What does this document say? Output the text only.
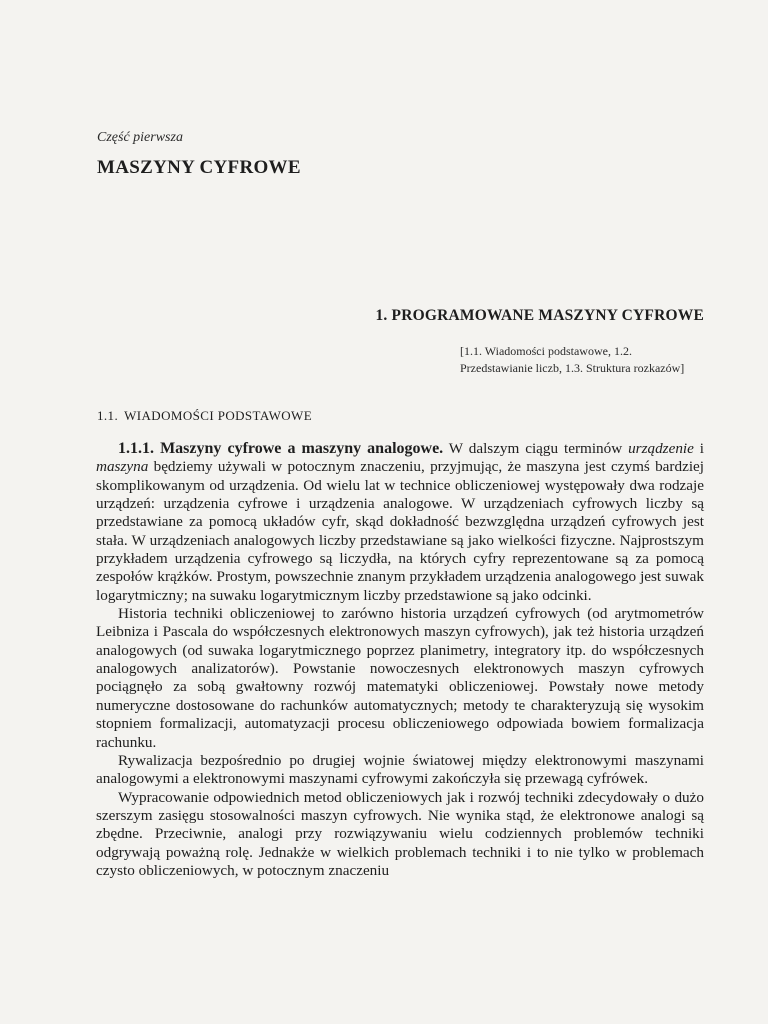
Część pierwsza
MASZYNY CYFROWE
1. PROGRAMOWANE MASZYNY CYFROWE
[1.1. Wiadomości podstawowe, 1.2. Przedstawianie liczb, 1.3. Struktura rozkazów]
1.1. WIADOMOŚCI PODSTAWOWE

1.1.1. Maszyny cyfrowe a maszyny analogowe. W dalszym ciągu terminów urządzenie i maszyna będziemy używali w potocznym znaczeniu, przyjmując, że maszyna jest czymś bardziej skomplikowanym od urządzenia. Od wielu lat w technice obliczeniowej występowały dwa rodzaje urządzeń: urządzenia cyfrowe i urządzenia analogowe. W urządzeniach cyfrowych liczby są przedstawiane za pomocą układów cyfr, skąd dokładność bezwzględna urządzeń cyfrowych jest stała. W urządzeniach analogowych liczby przedstawiane są jako wielkości fizyczne. Najprostszym przykładem urządzenia cyfrowego są liczydła, na których cyfry reprezentowane są za pomocą zespołów krążków. Prostym, powszechnie znanym przykładem urządzenia analogowego jest suwak logarytmiczny; na suwaku logarytmicznym liczby przedstawione są jako odcinki.

Historia techniki obliczeniowej to zarówno historia urządzeń cyfrowych (od arytmometrów Leibniza i Pascala do współczesnych elektronowych maszyn cyfrowych), jak też historia urządzeń analogowych (od suwaka logarytmicznego poprzez planimetry, integratory itp. do współczesnych analogowych analizatorów). Powstanie nowoczesnych elektronowych maszyn cyfrowych pociągnęło za sobą gwałtowny rozwój matematyki obliczeniowej. Powstały nowe metody numeryczne dostosowane do rachunków automatycznych; metody te charakteryzują się wysokim stopniem formalizacji, automatyzacji procesu obliczeniowego odpowiada bowiem formalizacja rachunku.

Rywalizacja bezpośrednio po drugiej wojnie światowej między elektronowymi maszynami analogowymi a elektronowymi maszynami cyfrowymi zakończyła się przewagą cyfrówek.

Wypracowanie odpowiednich metod obliczeniowych jak i rozwój techniki zdecydowały o dużo szerszym zasięgu stosowalności maszyn cyfrowych. Nie wynika stąd, że elektronowe analogi są zbędne. Przeciwnie, analogi przy rozwiązywaniu wielu codziennych problemów techniki odgrywają poważną rolę. Jednakże w wielkich problemach techniki i to nie tylko w problemach czysto obliczeniowych, w potocznym znaczeniu
